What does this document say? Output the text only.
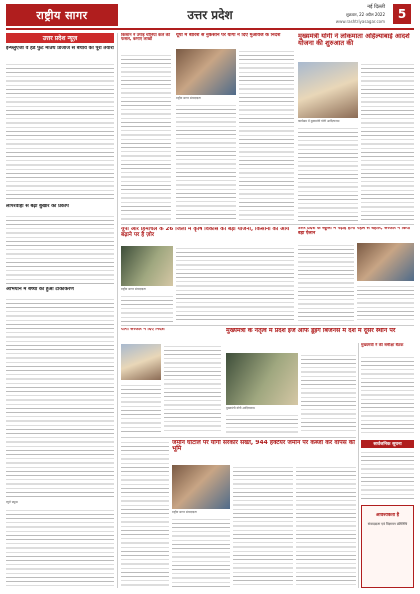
राष्ट्रीय सागर	उत्तर प्रदेश
नई दिल्ली
शुक्रवार, 22 अप्रैल 2022
www.rashtriyasagar.com
5
उत्तर प्रदेश न्यूज़
इन्फ्लुएंजा व हैंड फुट माउथ डिजीज से बचाव की पूरी तैयारी
लापरवाही से बढ़ा बुखार का प्रकोप
अभियान में बच्चों का हुआ टीकाकरण
ब्यूरो प्रमुख
किसान ने उगाई चीनिया केले की फसल, कमाए लाखों
यूपी में बारिश से नुकसान पर योगी ने दिए मुआवजे के निर्देश
राष्ट्रीय सागर संवाददाता
मुख्यमंत्री योगी ने लोकमाता अहिल्याबाई आदर्श योजना की शुरुआत की
कार्यक्रम में मुख्यमंत्री योगी आदित्यनाथ
यूपी और हिमाचल के 26 जिलों में कृषि विकास की बड़ी योजना, किसानों को आय बढ़ाने पर है ज़ोर
राष्ट्रीय सागर संवाददाता
उत्तर प्रदेश के स्कूलों में पढ़ाई होगी पहले से बेहतर, सरकार ने किया बड़ा ऐलान
योगी सरकार ने दिए निर्देश	मुख्यमंत्री के नेतृत्व में प्रदेश ईज ऑफ डूइंग बिजनेस में देश में दूसरे स्थान पर
मुख्यमंत्री योगी आदित्यनाथ
मुख्यमंत्री ने की समीक्षा बैठक
जमीन घोटाले पर योगी सरकार सख्त, 944 हेक्टेयर जमीन पर कब्जा कर वापस की भूमि
राष्ट्रीय सागर संवाददाता
सार्वजनिक सूचना
आवश्यकता है
संवाददाता एवं विज्ञापन प्रतिनिधि
